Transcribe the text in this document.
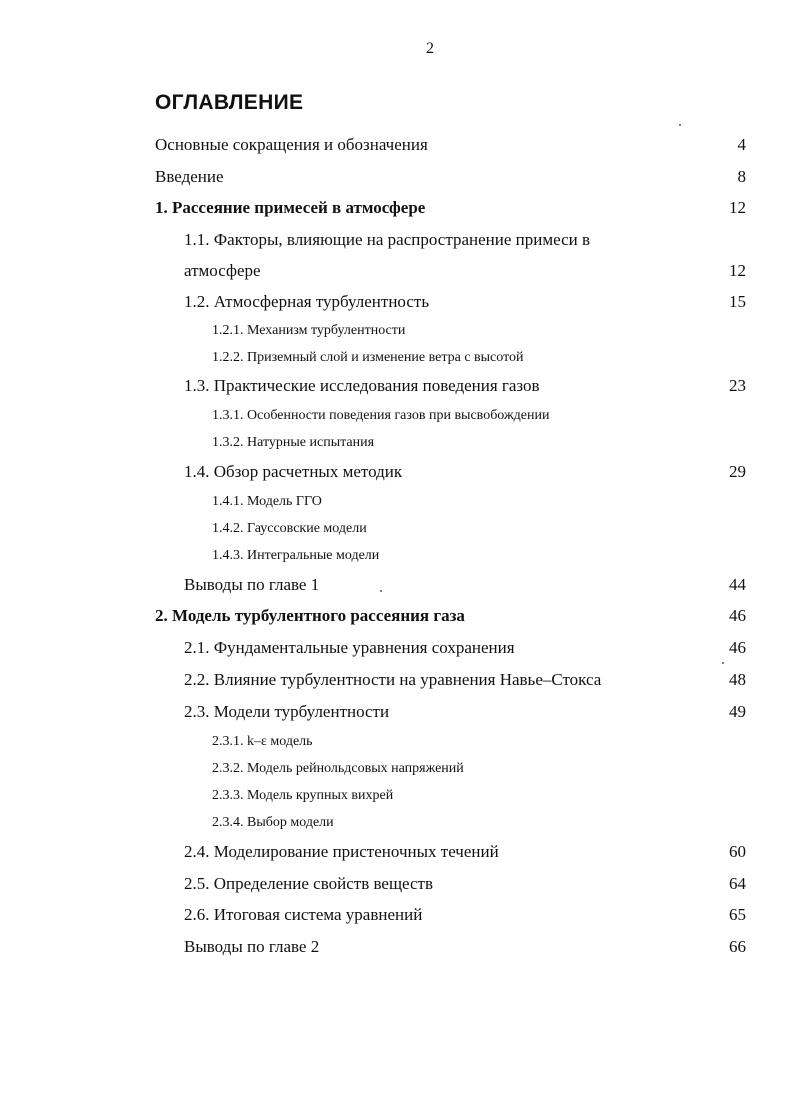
2
ОГЛАВЛЕНИЕ
Основные сокращения и обозначения	4
Введение	8
1. Рассеяние примесей в атмосфере	12
1.1. Факторы, влияющие на распространение примеси в
атмосфере	12
1.2. Атмосферная турбулентность	15
1.2.1. Механизм турбулентности
1.2.2. Приземный слой и изменение ветра с высотой
1.3. Практические исследования поведения газов	23
1.3.1. Особенности поведения газов при высвобождении
1.3.2. Натурные испытания
1.4. Обзор расчетных методик	29
1.4.1. Модель ГГО
1.4.2. Гауссовские модели
1.4.3. Интегральные модели
Выводы по главе 1	44
2. Модель турбулентного рассеяния газа	46
2.1. Фундаментальные уравнения сохранения	46
2.2. Влияние турбулентности на уравнения Навье–Стокса	48
2.3. Модели турбулентности	49
2.3.1. k–ε модель
2.3.2. Модель рейнольдсовых напряжений
2.3.3. Модель крупных вихрей
2.3.4. Выбор модели
2.4. Моделирование пристеночных течений	60
2.5. Определение свойств веществ	64
2.6. Итоговая система уравнений	65
Выводы по главе 2	66
